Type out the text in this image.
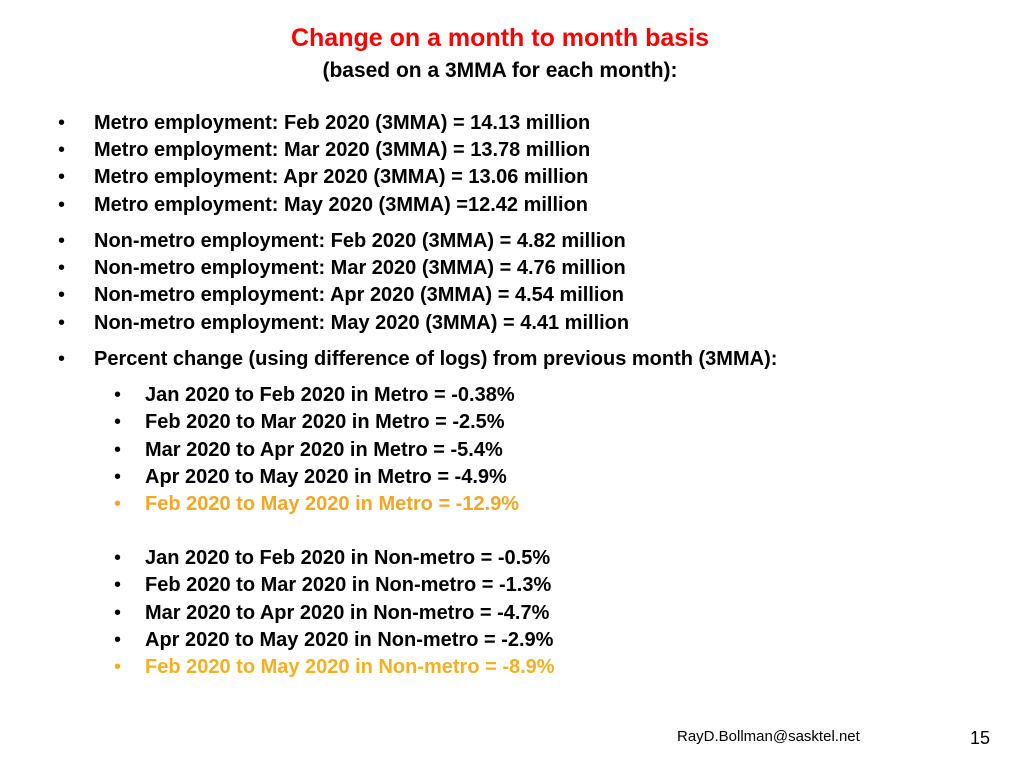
Change on a month to month basis
(based on a 3MMA for each month):
• Metro employment: Feb 2020 (3MMA) = 14.13 million
• Metro employment: Mar 2020 (3MMA) = 13.78 million
• Metro employment: Apr 2020 (3MMA) = 13.06 million
• Metro employment: May 2020 (3MMA) =12.42 million
• Non-metro employment: Feb 2020 (3MMA) = 4.82 million
• Non-metro employment: Mar 2020 (3MMA) = 4.76 million
• Non-metro employment: Apr 2020 (3MMA) = 4.54 million
• Non-metro employment: May 2020 (3MMA) = 4.41 million
• Percent change (using difference of logs) from previous month (3MMA):
• Jan 2020 to Feb 2020 in Metro = -0.38%
• Feb 2020 to Mar 2020 in Metro = -2.5%
• Mar 2020 to Apr 2020 in Metro = -5.4%
• Apr 2020 to May 2020 in Metro = -4.9%
• Feb 2020 to May 2020 in Metro = -12.9%
• Jan 2020 to Feb 2020 in Non-metro = -0.5%
• Feb 2020 to Mar 2020 in Non-metro = -1.3%
• Mar 2020 to Apr 2020 in Non-metro = -4.7%
• Apr 2020 to May 2020 in Non-metro = -2.9%
• Feb 2020 to May 2020 in Non-metro = -8.9%
RayD.Bollman@sasktel.net	15
